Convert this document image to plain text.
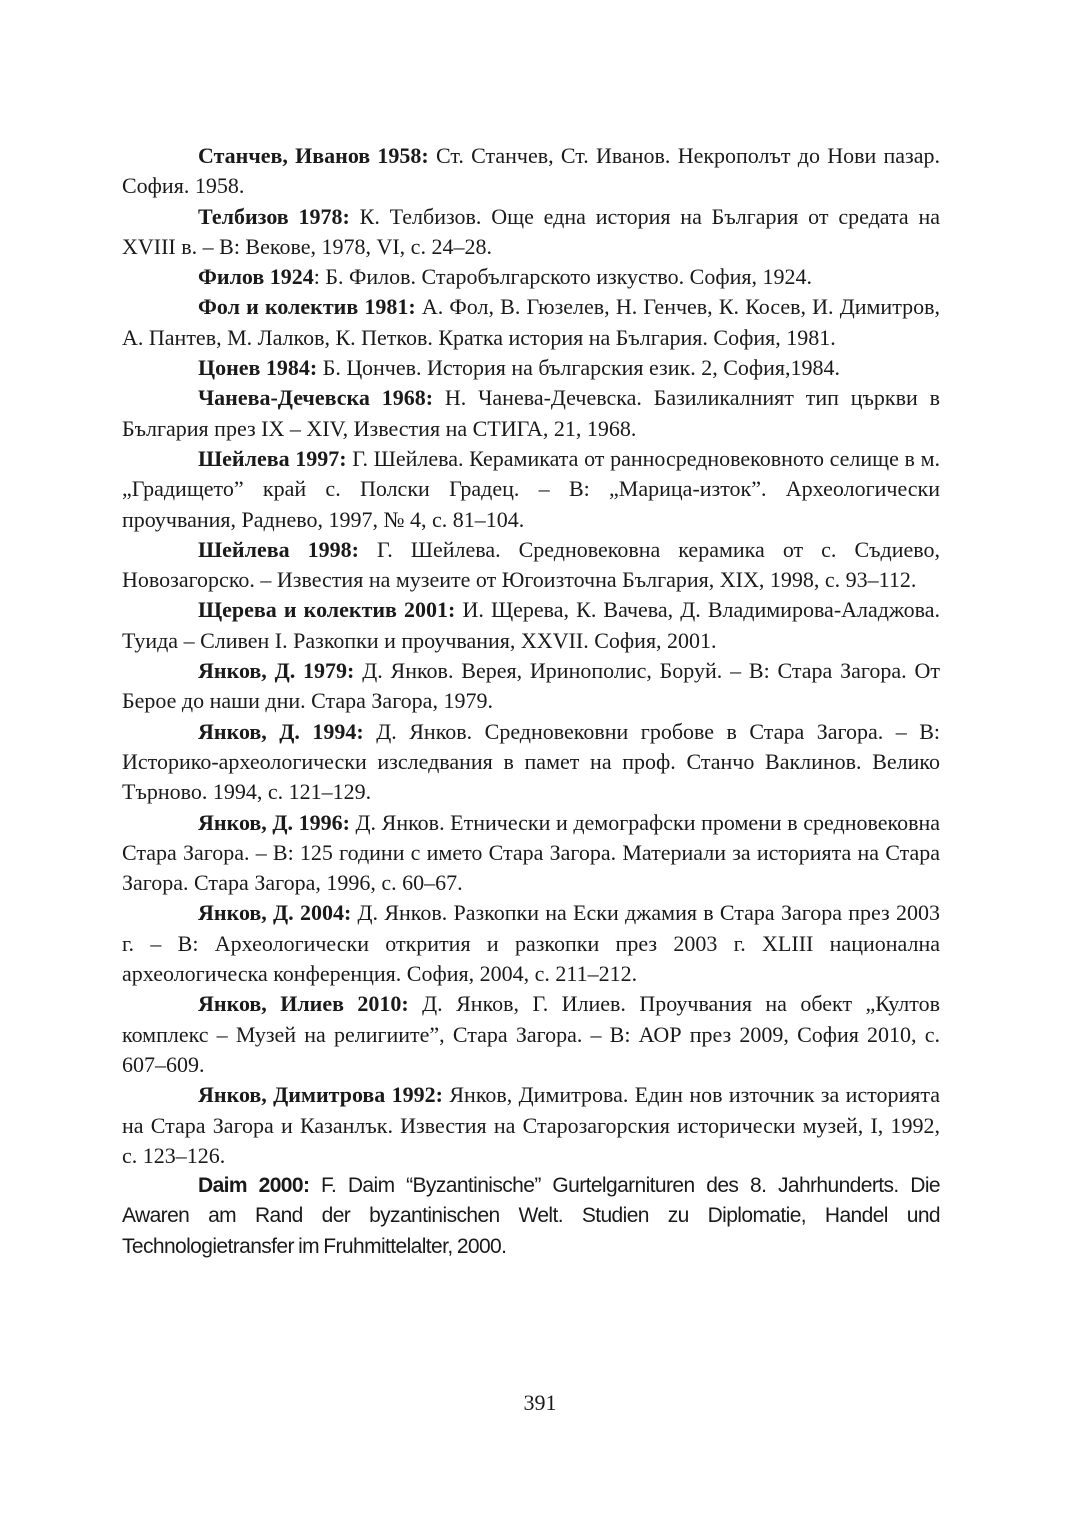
Станчев, Иванов 1958: Ст. Станчев, Ст. Иванов. Некрополът до Нови пазар. София. 1958.

Телбизов 1978: К. Телбизов. Още една история на България от средата на XVIII в. – В: Векове, 1978, VI, с. 24–28.

Филов 1924: Б. Филов. Старобългарското изкуство. София, 1924.

Фол и колектив 1981: А. Фол, В. Гюзелев, Н. Генчев, К. Косев, И. Димитров, А. Пантев, М. Лалков, К. Петков. Кратка история на България. София, 1981.

Цонев 1984: Б. Цончев. История на българския език. 2, София,1984.

Чанева-Дечевска 1968: Н. Чанева-Дечевска. Базиликалният тип църкви в България през IX – XIV, Известия на СТИГА, 21, 1968.

Шейлева 1997: Г. Шейлева. Керамиката от ранносредновековното селище в м. „Градището” край с. Полски Градец. – В: „Марица-изток”. Археологически проучвания, Раднево, 1997, № 4, с. 81–104.

Шейлева 1998: Г. Шейлева. Средновековна керамика от с. Съдиево, Новозагорско. – Известия на музеите от Югоизточна България, XIX, 1998, с. 93–112.

Щерева и колектив 2001: И. Щерева, К. Вачева, Д. Владимирова-Аладжова. Туида – Сливен I. Разкопки и проучвания, XXVII. София, 2001.

Янков, Д. 1979: Д. Янков. Верея, Иринополис, Боруй. – В: Стара Загора. От Берое до наши дни. Стара Загора, 1979.

Янков, Д. 1994: Д. Янков. Средновековни гробове в Стара Загора. – В: Историко-археологически изследвания в памет на проф. Станчо Ваклинов. Велико Търново. 1994, с. 121–129.

Янков, Д. 1996: Д. Янков. Етнически и демографски промени в средновековна Стара Загора. – В: 125 години с името Стара Загора. Материали за историята на Стара Загора. Стара Загора, 1996, с. 60–67.

Янков, Д. 2004: Д. Янков. Разкопки на Ески джамия в Стара Загора през 2003 г. – В: Археологически открития и разкопки през 2003 г. XLIII национална археологическа конференция. София, 2004, с. 211–212.

Янков, Илиев 2010: Д. Янков, Г. Илиев. Проучвания на обект „Култов комплекс – Музей на религиите”, Стара Загора. – В: АОР през 2009, София 2010, с. 607–609.

Янков, Димитрова 1992: Янков, Димитрова. Един нов източник за историята на Стара Загора и Казанлък. Известия на Старозагорския исторически музей, I, 1992, с. 123–126.

Daim 2000: F. Daim “Byzantinische” Gurtelgarnituren des 8. Jahrhunderts. Die Awaren am Rand der byzantinischen Welt. Studien zu Diplomatie, Handel und Technologietransfer im Fruhmittelalter, 2000.

391
